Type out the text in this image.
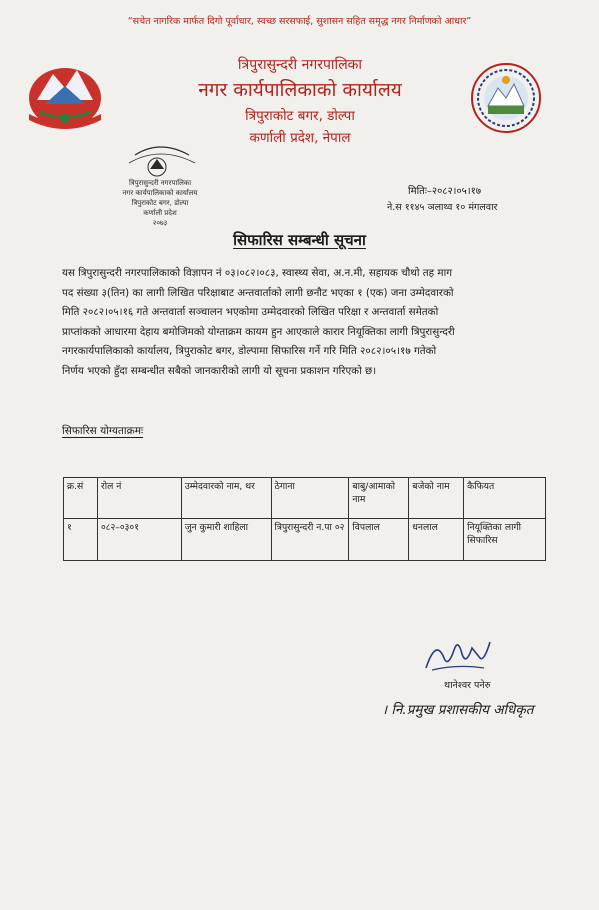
“सचेत नागरिक मार्फत दिगो पूर्वाधार, स्वच्छ सरसफाई, सुशासन सहित समृद्ध नगर निर्माणको आधार”
त्रिपुरासुन्दरी नगरपालिका
नगर कार्यपालिकाको कार्यालय
त्रिपुराकोट बगर, डोल्पा
कर्णाली प्रदेश, नेपाल
त्रिपुरासुन्दरी नगरपालिका
नगर कार्यपालिकाको कार्यालय
त्रिपुराकोट बगर, डोल्पा
कर्णाली प्रदेश
२०७३
मितिः–२०८२।०५।१७
ने.स ११४५ ञलाथ्व १० मंगलवार
सिफारिस सम्बन्धी सूचना
यस त्रिपुरासुन्दरी नगरपालिकाको विज्ञापन नं ०३।०८२।०८३, स्वास्थ्य सेवा, अ.न.मी, सहायक चौथो तह माग
पद संख्या ३(तिन) का लागी लिखित परिक्षाबाट अन्तवार्ताको लागी छनौट भएका १ (एक) जना उम्मेदवारको
मिति २०८२।०५।१६ गते अन्तवार्ता सञ्चालन भएकोमा उम्मेदवारको लिखित परिक्षा र अन्तवार्ता समेतको
प्राप्तांकको आधारमा देहाय बमोजिमको योग्ताक्रम कायम हुन आएकाले कारार नियूक्तिका लागी त्रिपुरासुन्दरी
नगरकार्यपालिकाको कार्यालय, त्रिपुराकोट बगर, डोल्पामा सिफारिस गर्ने गरि मिति २०८२।०५।१७ गतेको
निर्णय भएको हुँदा सम्बन्धीत सबैको जानकारीको लागी यो सूचना प्रकाशन गरिएको छ।
सिफारिस योग्यताक्रमः
क्र.सं	रोल नं	उम्मेदवारको नाम, थर	ठेगाना	बाबु/आमाको नाम	बजेको नाम	कैफियत
१	०८२–०३०१	जुन कुमारी शाहिला	त्रिपुरासुन्दरी न.पा ०२	विपलाल	धनलाल	नियूक्तिका लागी सिफारिस
थानेश्वर पनेरु
। नि.प्रमुख प्रशासकीय अधिकृत
